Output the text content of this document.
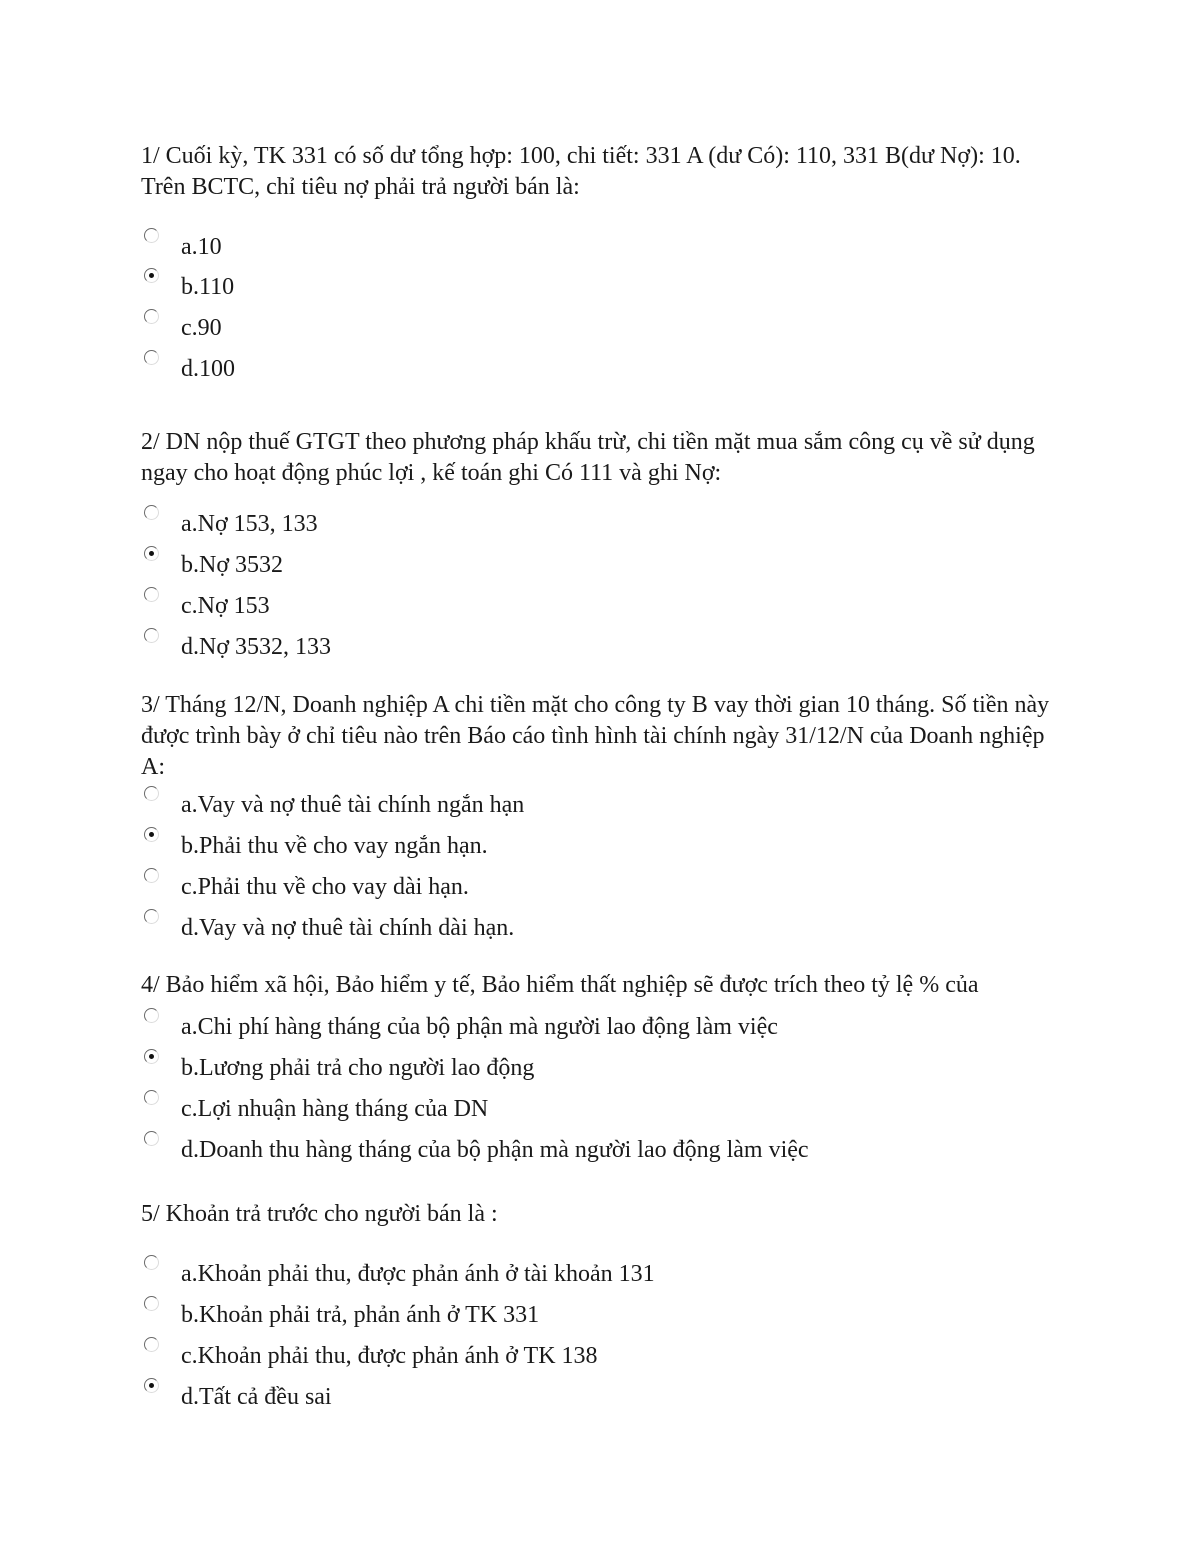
1/ Cuối kỳ, TK 331 có số dư tổng hợp: 100, chi tiết: 331 A (dư Có): 110, 331 B(dư Nợ): 10. Trên BCTC, chỉ tiêu nợ phải trả người bán là:

a.10
b.110
c.90
d.100

2/ DN nộp thuế GTGT theo phương pháp khấu trừ, chi tiền mặt mua sắm công cụ về sử dụng ngay cho hoạt động phúc lợi , kế toán ghi Có 111 và ghi Nợ:

a.Nợ 153, 133
b.Nợ 3532
c.Nợ 153
d.Nợ 3532, 133

3/ Tháng 12/N, Doanh nghiệp A chi tiền mặt cho công ty B vay thời gian 10 tháng. Số tiền này được trình bày ở chỉ tiêu nào trên Báo cáo tình hình tài chính ngày 31/12/N của Doanh nghiệp A:

a.Vay và nợ thuê tài chính ngắn hạn
b.Phải thu về cho vay ngắn hạn.
c.Phải thu về cho vay dài hạn.
d.Vay và nợ thuê tài chính dài hạn.

4/ Bảo hiểm xã hội, Bảo hiểm y tế, Bảo hiểm thất nghiệp sẽ được trích theo tỷ lệ % của

a.Chi phí hàng tháng của bộ phận mà người lao động làm việc
b.Lương phải trả cho người lao động
c.Lợi nhuận hàng tháng của DN
d.Doanh thu hàng tháng của bộ phận mà người lao động làm việc

5/ Khoản trả trước cho người bán là :

a.Khoản phải thu, được phản ánh ở tài khoản 131
b.Khoản phải trả, phản ánh ở TK 331
c.Khoản phải thu, được phản ánh ở TK 138
d.Tất cả đều sai
